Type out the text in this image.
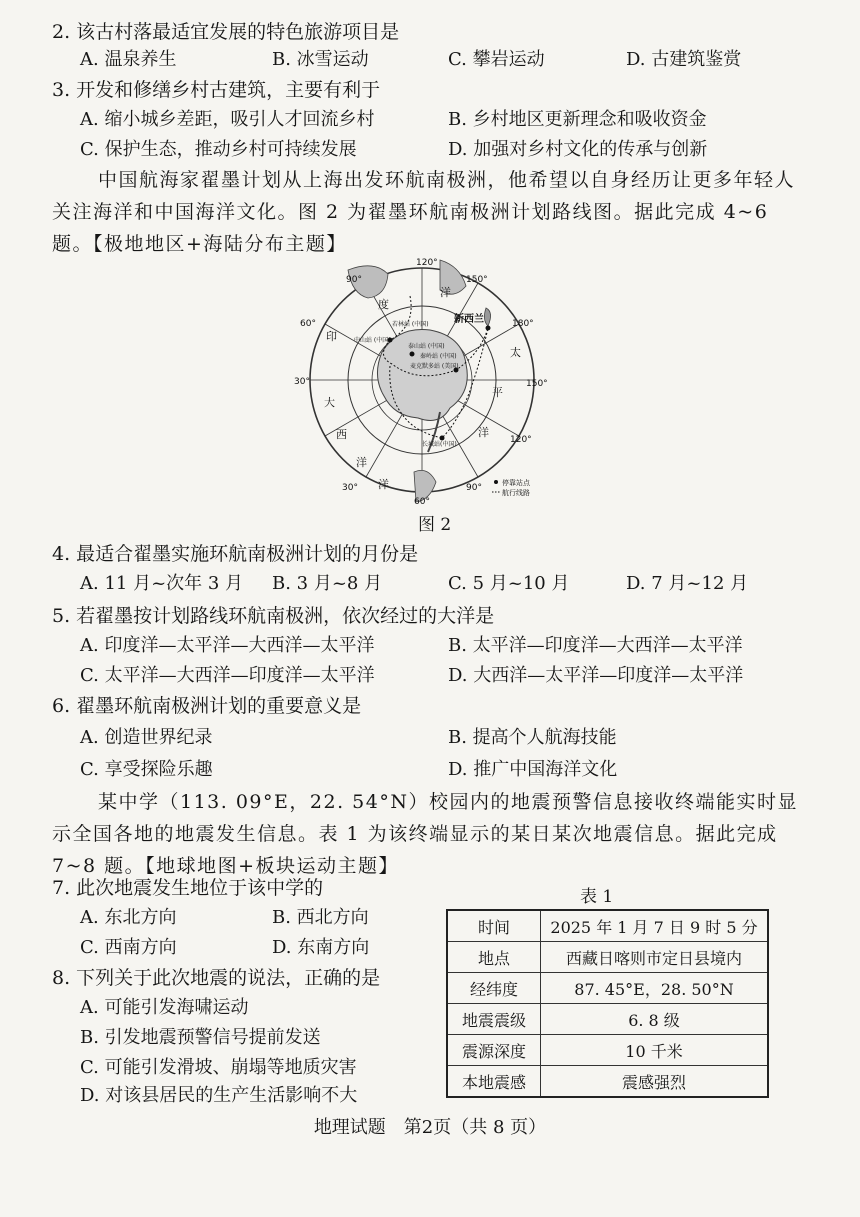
2. 该古村落最适宜发展的特色旅游项目是
A. 温泉养生	B. 冰雪运动	C. 攀岩运动	D. 古建筑鉴赏
3. 开发和修缮乡村古建筑，主要有利于
A. 缩小城乡差距，吸引人才回流乡村	B. 乡村地区更新理念和吸收资金
C. 保护生态，推动乡村可持续发展	D. 加强对乡村文化的传承与创新
中国航海家翟墨计划从上海出发环航南极洲，他希望以自身经历让更多年轻人关注海洋和中国海洋文化。图 2 为翟墨环航南极洲计划路线图。据此完成 4~6 题。【极地地区+海陆分布主题】
120°
150°
180°
150°
120°
90°
60°
30°
30°
60°
90°
度
印
洋
大
西
洋
太
平
洋
洋
新西兰
中山站 (中国)
泰山站 (中国)
若林站 (中国)
麦克默多站 (美国)
秦岭站 (中国)
长城站(中国)
停靠站点
航行线路
图 2
4. 最适合翟墨实施环航南极洲计划的月份是
A. 11 月~次年 3 月 B. 3 月~8 月	C. 5 月~10 月	D. 7 月~12 月
5. 若翟墨按计划路线环航南极洲，依次经过的大洋是
A. 印度洋—太平洋—大西洋—太平洋	B. 太平洋—印度洋—大西洋—太平洋
C. 太平洋—大西洋—印度洋—太平洋	D. 大西洋—太平洋—印度洋—太平洋
6. 翟墨环航南极洲计划的重要意义是
A. 创造世界纪录	B. 提高个人航海技能
C. 享受探险乐趣	D. 推广中国海洋文化
某中学（113. 09°E，22. 54°N）校园内的地震预警信息接收终端能实时显示全国各地的地震发生信息。表 1 为该终端显示的某日某次地震信息。据此完成 7~8 题。【地球地图+板块运动主题】
7. 此次地震发生地位于该中学的
A. 东北方向	B. 西北方向
C. 西南方向	D. 东南方向
8. 下列关于此次地震的说法，正确的是
A. 可能引发海啸运动
B. 引发地震预警信号提前发送
C. 可能引发滑坡、崩塌等地质灾害
D. 对该县居民的生产生活影响不大
表 1
时间	2025 年 1 月 7 日 9 时 5 分
地点	西藏日喀则市定日县境内
经纬度	87. 45°E，28. 50°N
地震震级	6. 8 级
震源深度	10 千米
本地震感	震感强烈
地理试题　第2页（共 8 页）
